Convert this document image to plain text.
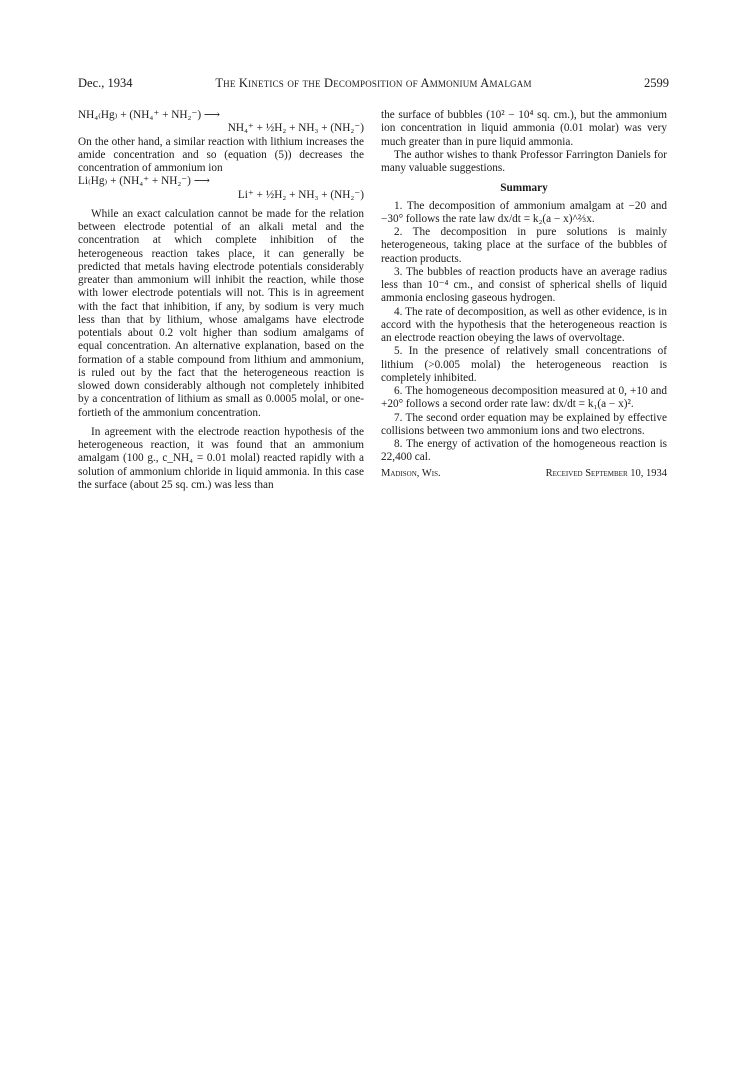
Dec., 1934	The Kinetics of the Decomposition of Ammonium Amalgam	2599
NH₄₍Hg₎ + (NH₄⁺ + NH₂⁻) ⟶
NH₄⁺ + ½H₂ + NH₃ + (NH₂⁻)

On the other hand, a similar reaction with lithium increases the amide concentration and so (equation (5)) decreases the concentration of ammonium ion

Li₍Hg₎ + (NH₄⁺ + NH₂⁻) ⟶
Li⁺ + ½H₂ + NH₃ + (NH₂⁻)

While an exact calculation cannot be made for the relation between electrode potential of an alkali metal and the concentration at which complete inhibition of the heterogeneous reaction takes place, it can generally be predicted that metals having electrode potentials considerably greater than ammonium will inhibit the reaction, while those with lower electrode potentials will not. This is in agreement with the fact that inhibition, if any, by sodium is very much less than that by lithium, whose amalgams have electrode potentials about 0.2 volt higher than sodium amalgams of equal concentration. An alternative explanation, based on the formation of a stable compound from lithium and ammonium, is ruled out by the fact that the heterogeneous reaction is slowed down considerably although not completely inhibited by a concentration of lithium as small as 0.0005 molal, or one-fortieth of the ammonium concentration.

In agreement with the electrode reaction hypothesis of the heterogeneous reaction, it was found that an ammonium amalgam (100 g., c_NH₄ = 0.01 molal) reacted rapidly with a solution of ammonium chloride in liquid ammonia. In this case the surface (about 25 sq. cm.) was less than

the surface of bubbles (10² − 10⁴ sq. cm.), but the ammonium ion concentration in liquid ammonia (0.01 molar) was very much greater than in pure liquid ammonia.

The author wishes to thank Professor Farrington Daniels for many valuable suggestions.

Summary

1. The decomposition of ammonium amalgam at −20 and −30° follows the rate law dx/dt = k₂(a − x)^⅔x.

2. The decomposition in pure solutions is mainly heterogeneous, taking place at the surface of the bubbles of reaction products.

3. The bubbles of reaction products have an average radius less than 10⁻⁴ cm., and consist of spherical shells of liquid ammonia enclosing gaseous hydrogen.

4. The rate of decomposition, as well as other evidence, is in accord with the hypothesis that the heterogeneous reaction is an electrode reaction obeying the laws of overvoltage.

5. In the presence of relatively small concentrations of lithium (>0.005 molal) the heterogeneous reaction is completely inhibited.

6. The homogeneous decomposition measured at 0, +10 and +20° follows a second order rate law: dx/dt = k₁(a − x)².

7. The second order equation may be explained by effective collisions between two ammonium ions and two electrons.

8. The energy of activation of the homogeneous reaction is 22,400 cal.

Madison, Wis.	Received September 10, 1934
